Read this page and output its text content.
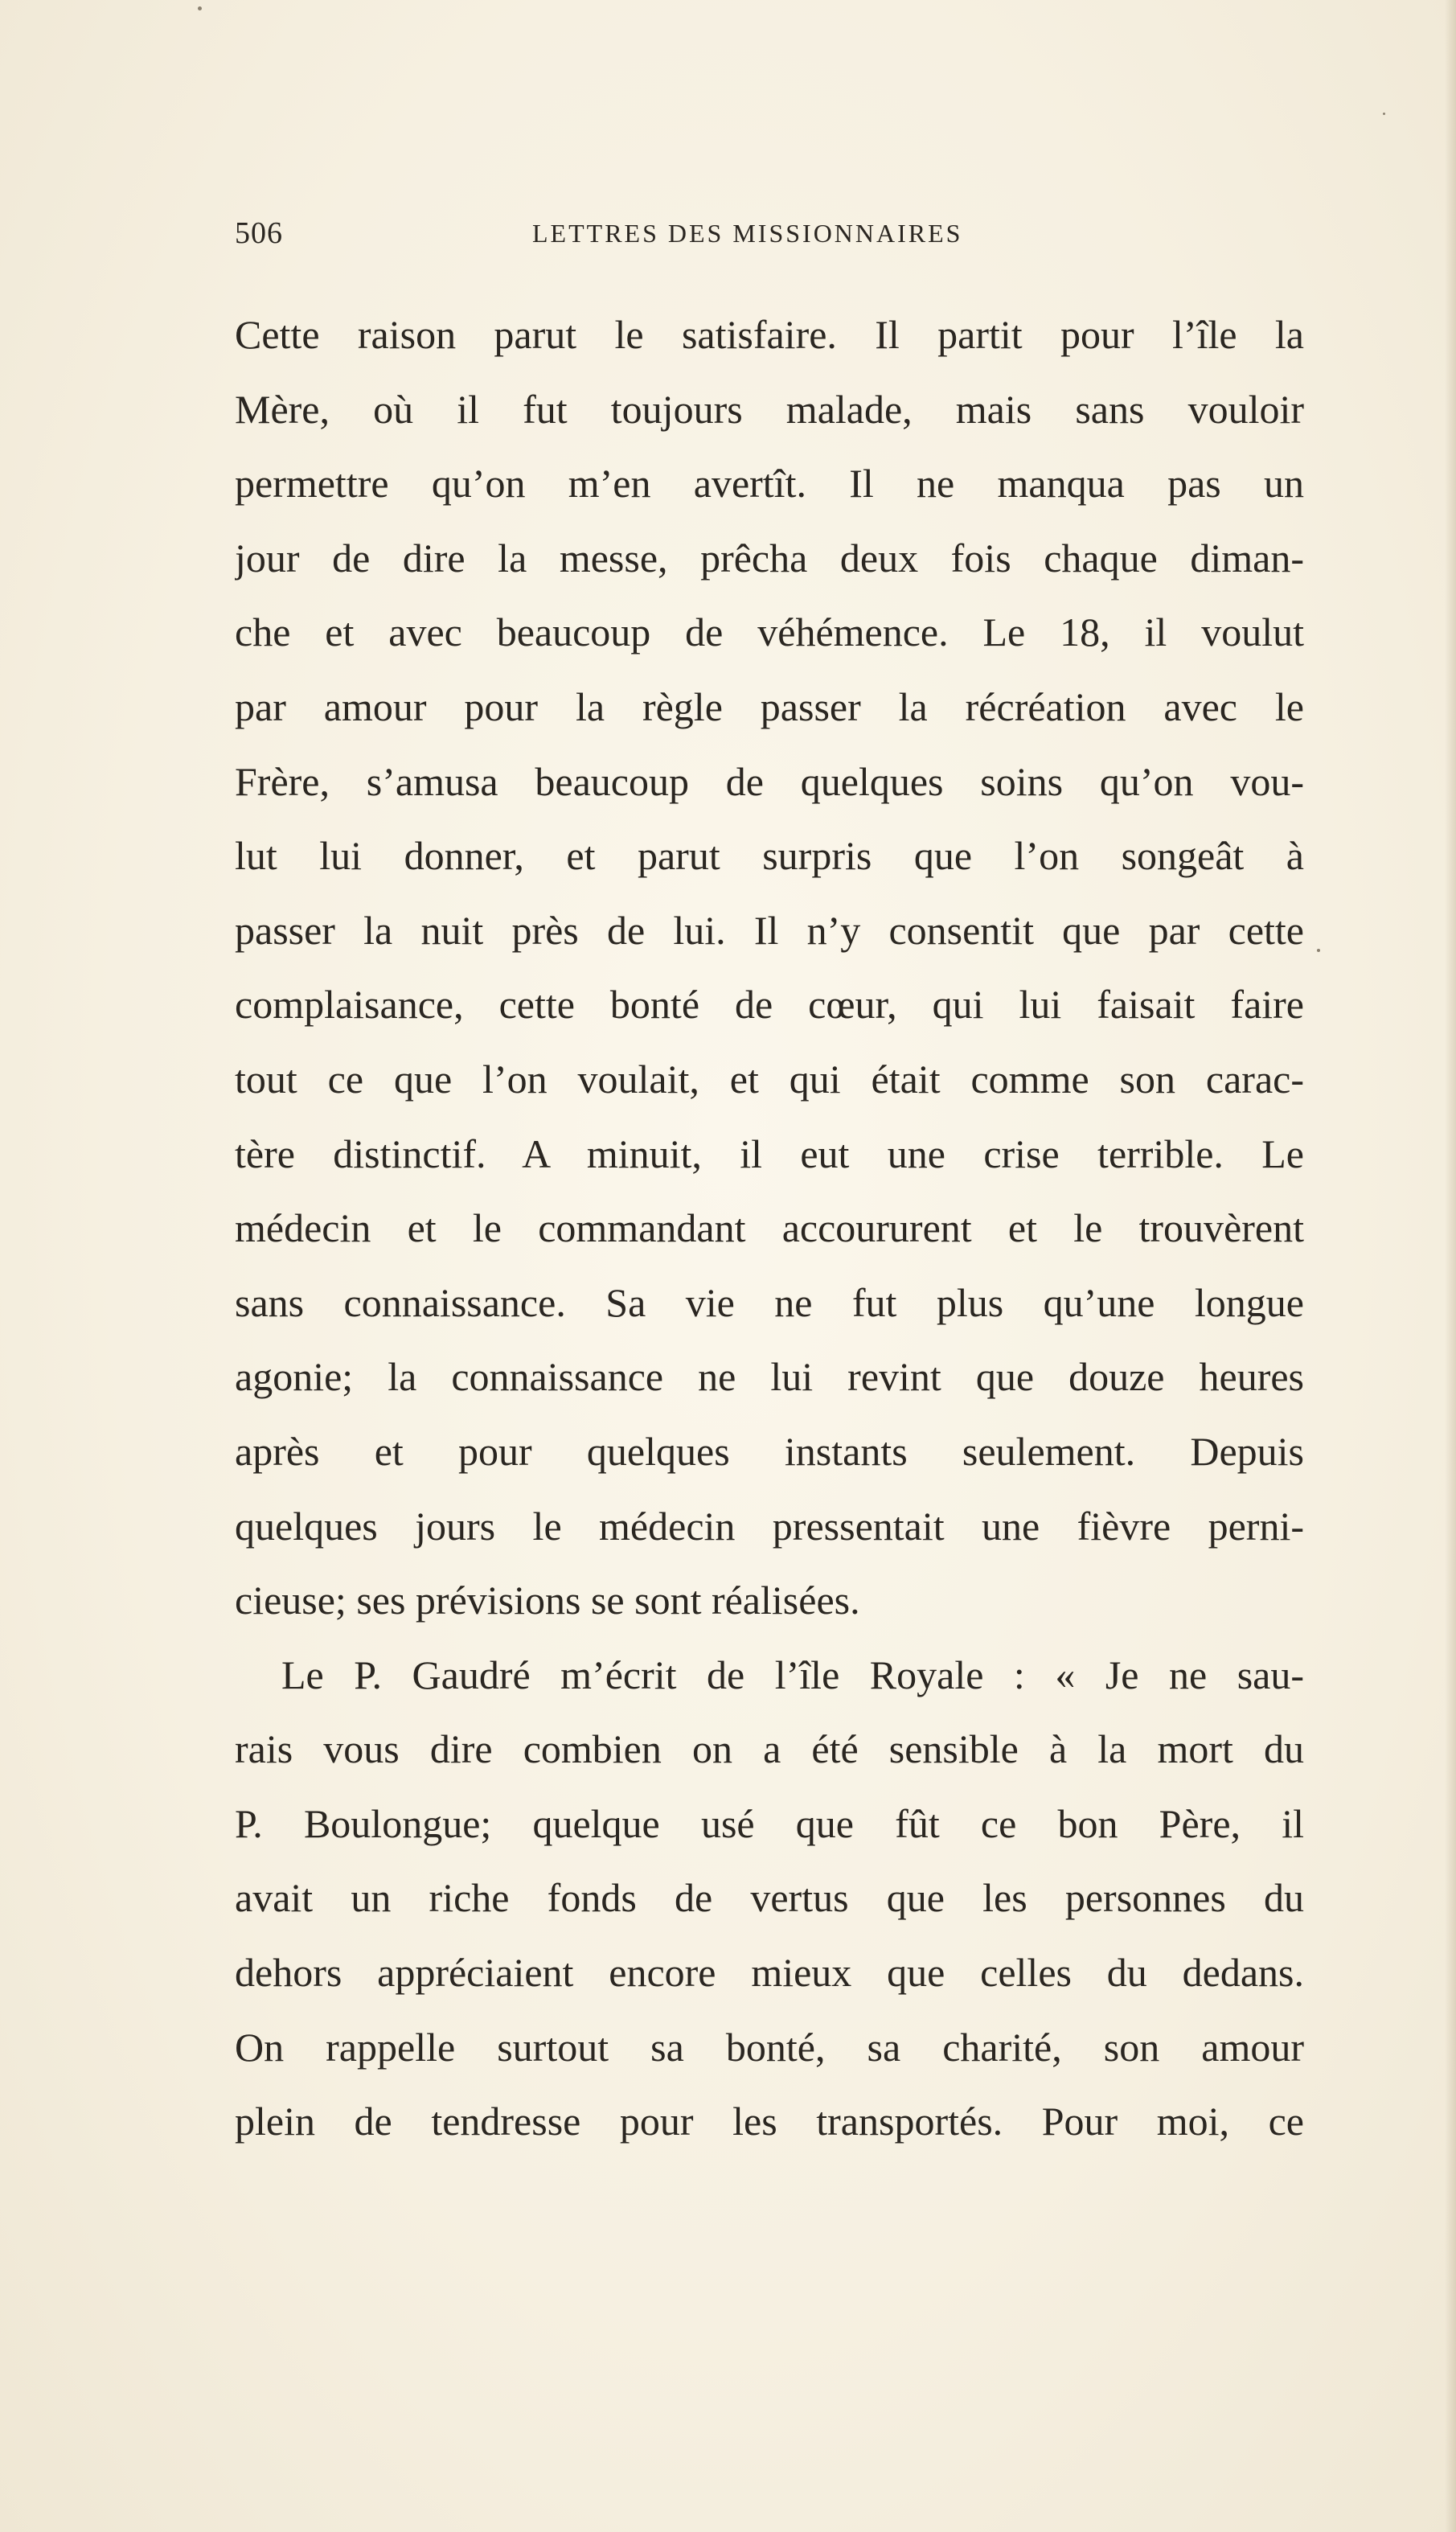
506	LETTRES DES MISSIONNAIRES
Cette raison parut le satisfaire. Il partit pour l’île la
Mère, où il fut toujours malade, mais sans vouloir
permettre qu’on m’en avertît. Il ne manqua pas un
jour de dire la messe, prêcha deux fois chaque diman-
che et avec beaucoup de véhémence. Le 18, il voulut
par amour pour la règle passer la récréation avec le
Frère, s’amusa beaucoup de quelques soins qu’on vou-
lut lui donner, et parut surpris que l’on songeât à
passer la nuit près de lui. Il n’y consentit que par cette
complaisance, cette bonté de cœur, qui lui faisait faire
tout ce que l’on voulait, et qui était comme son carac-
tère distinctif. A minuit, il eut une crise terrible. Le
médecin et le commandant accoururent et le trouvèrent
sans connaissance. Sa vie ne fut plus qu’une longue
agonie; la connaissance ne lui revint que douze heures
après et pour quelques instants seulement. Depuis
quelques jours le médecin pressentait une fièvre perni-
cieuse; ses prévisions se sont réalisées.
Le P. Gaudré m’écrit de l’île Royale : « Je ne sau-
rais vous dire combien on a été sensible à la mort du
P. Boulongue; quelque usé que fût ce bon Père, il
avait un riche fonds de vertus que les personnes du
dehors appréciaient encore mieux que celles du dedans.
On rappelle surtout sa bonté, sa charité, son amour
plein de tendresse pour les transportés. Pour moi, ce
